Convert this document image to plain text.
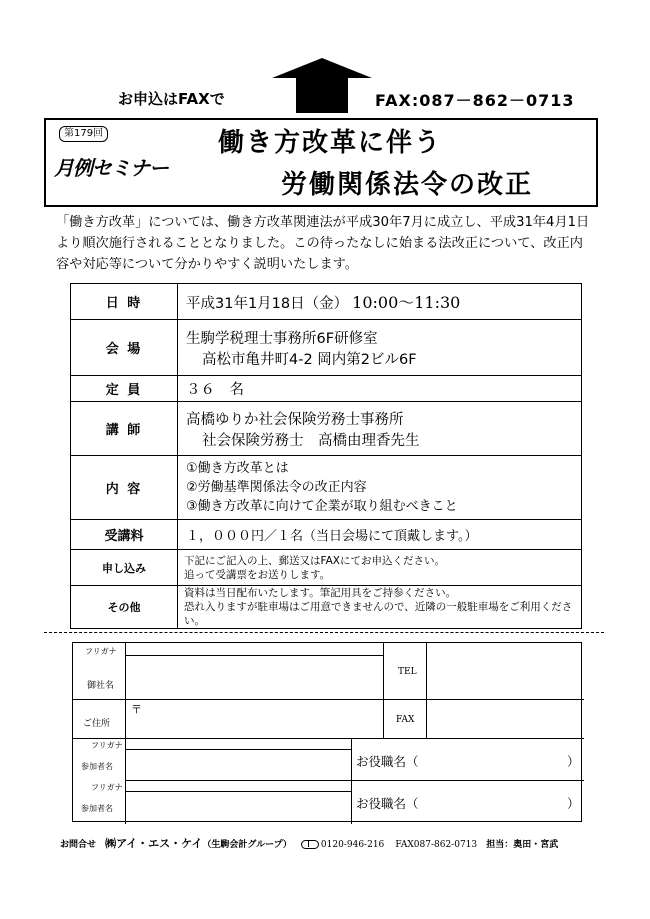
お申込はFAXで	FAX:087－862－0713
第179回
月例セミナー
働き方改革に伴う
労働関係法令の改正

「働き方改革」については、働き方改革関連法が平成30年7月に成立し、平成31年4月1日より順次施行されることとなりました。この待ったなしに始まる法改正について、改正内容や対応等について分かりやすく説明いたします。

日 時	平成31年1月18日（金） 10:00～11:30
会 場	生駒学税理士事務所6F研修室
高松市亀井町4-2 岡内第2ビル6F

定 員	３６　名
講 師	高橋ゆりか社会保険労務士事務所
社会保険労務士　高橋由理香先生

内 容	①働き方改革とは
②労働基準関係法令の改正内容
③働き方改革に向けて企業が取り組むべきこと

受講料	１，０００円／１名（当日会場にて頂戴します。）
申し込み	下記にご記入の上、郵送又はFAXにてお申込ください。
追って受講票をお送りします。

その他	資料は当日配布いたします。筆記用具をご持参ください。
恐れ入りますが駐車場はご用意できませんので、近隣の一般駐車場をご利用ください。
フリガナ
御社名
TEL
ご住所
〒
FAX
フリガナ
参加者名	お役職名（	）
フリガナ
参加者名	お役職名（	）
お問合せ ㈱アイ・エス・ケイ（生駒会計グループ）	0120-946-216 FAX087-862-0713 担当：奥田・宮武
